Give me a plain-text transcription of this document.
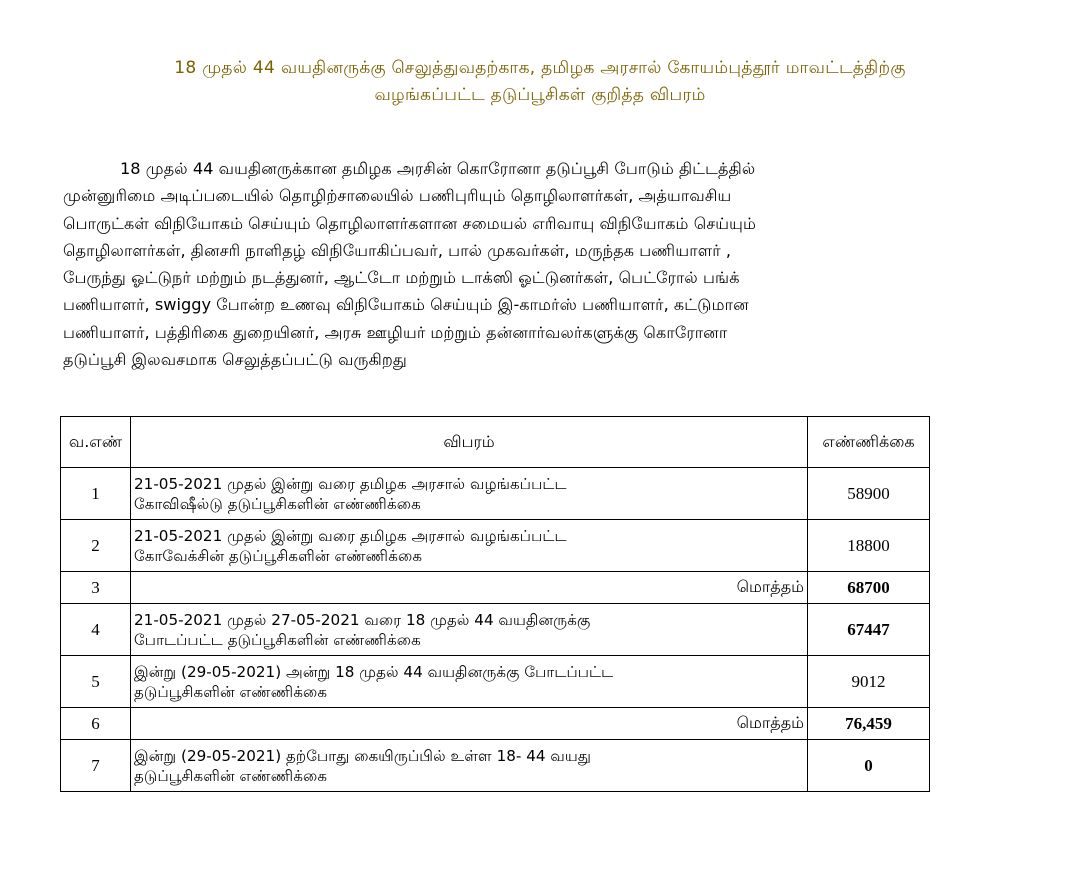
18 முதல் 44 வயதினருக்கு செலுத்துவதற்காக, தமிழக அரசால் கோயம்புத்தூர் மாவட்டத்திற்கு
வழங்கப்பட்ட தடுப்பூசிகள் குறித்த விபரம்
18 முதல் 44 வயதினருக்கான தமிழக அரசின் கொரோனா தடுப்பூசி போடும் திட்டத்தில்
முன்னுரிமை அடிப்படையில் தொழிற்சாலையில் பணிபுரியும் தொழிலாளர்கள், அத்யாவசிய
பொருட்கள் விநியோகம் செய்யும் தொழிலாளர்களான சமையல் எரிவாயு விநியோகம் செய்யும்
தொழிலாளர்கள், தினசரி நாளிதழ் விநியோகிப்பவர், பால் முகவர்கள், மருந்தக பணியாளர் ,
பேருந்து ஓட்டுநர் மற்றும் நடத்துனர், ஆட்டோ மற்றும் டாக்ஸி ஓட்டுனர்கள், பெட்ரோல் பங்க்
பணியாளர், swiggy போன்ற உணவு விநியோகம் செய்யும் இ-காமர்ஸ் பணியாளர், கட்டுமான
பணியாளர், பத்திரிகை துறையினர், அரசு ஊழியர் மற்றும் தன்னார்வலர்களுக்கு கொரோனா
தடுப்பூசி இலவசமாக செலுத்தப்பட்டு வருகிறது
வ.எண்	விபரம்	எண்ணிக்கை
1	21-05-2021 முதல் இன்று வரை தமிழக அரசால் வழங்கப்பட்ட
கோவிஷீல்டு தடுப்பூசிகளின் எண்ணிக்கை	58900
2	21-05-2021 முதல் இன்று வரை தமிழக அரசால் வழங்கப்பட்ட
கோவேக்சின் தடுப்பூசிகளின் எண்ணிக்கை	18800
3	மொத்தம்	68700
4	21-05-2021 முதல் 27-05-2021 வரை 18 முதல் 44 வயதினருக்கு
போடப்பட்ட தடுப்பூசிகளின் எண்ணிக்கை	67447
5	இன்று (29-05-2021) அன்று 18 முதல் 44 வயதினருக்கு போடப்பட்ட
தடுப்பூசிகளின் எண்ணிக்கை	9012
6	மொத்தம்	76,459
7	இன்று (29-05-2021) தற்போது கையிருப்பில் உள்ள 18- 44 வயது
தடுப்பூசிகளின் எண்ணிக்கை	0
